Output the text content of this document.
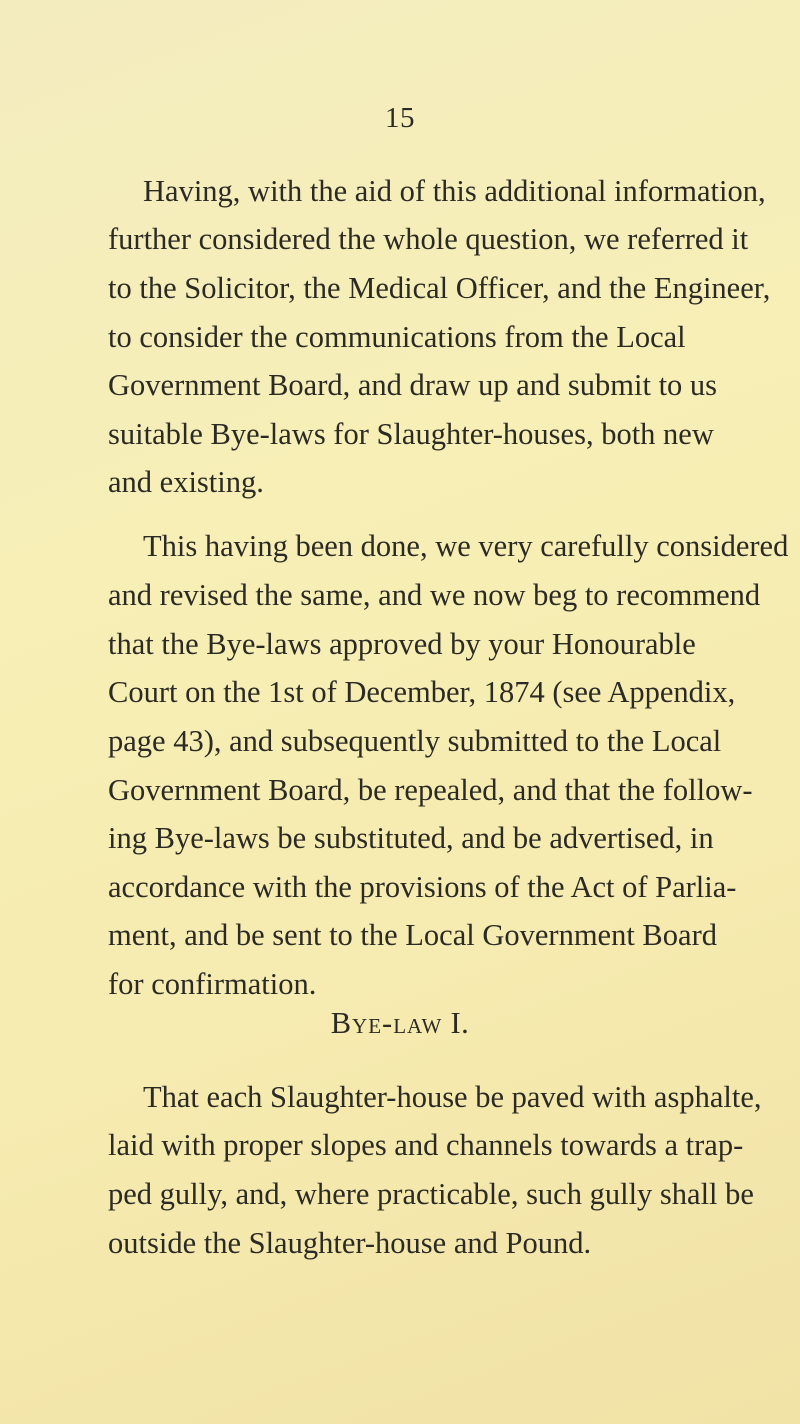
15

Having, with the aid of this additional information,

further considered the whole question, we referred it

to the Solicitor, the Medical Officer, and the Engineer,

to consider the communications from the Local

Government Board, and draw up and submit to us

suitable Bye-laws for Slaughter-houses, both new

and existing.

This having been done, we very carefully considered

and revised the same, and we now beg to recommend

that the Bye-laws approved by your Honourable

Court on the 1st of December, 1874 (see Appendix,

page 43), and subsequently submitted to the Local

Government Board, be repealed, and that the follow-

ing Bye-laws be substituted, and be advertised, in

accordance with the provisions of the Act of Parlia-

ment, and be sent to the Local Government Board

for confirmation.

Bye-law I.

That each Slaughter-house be paved with asphalte,

laid with proper slopes and channels towards a trap-

ped gully, and, where practicable, such gully shall be

outside the Slaughter-house and Pound.
